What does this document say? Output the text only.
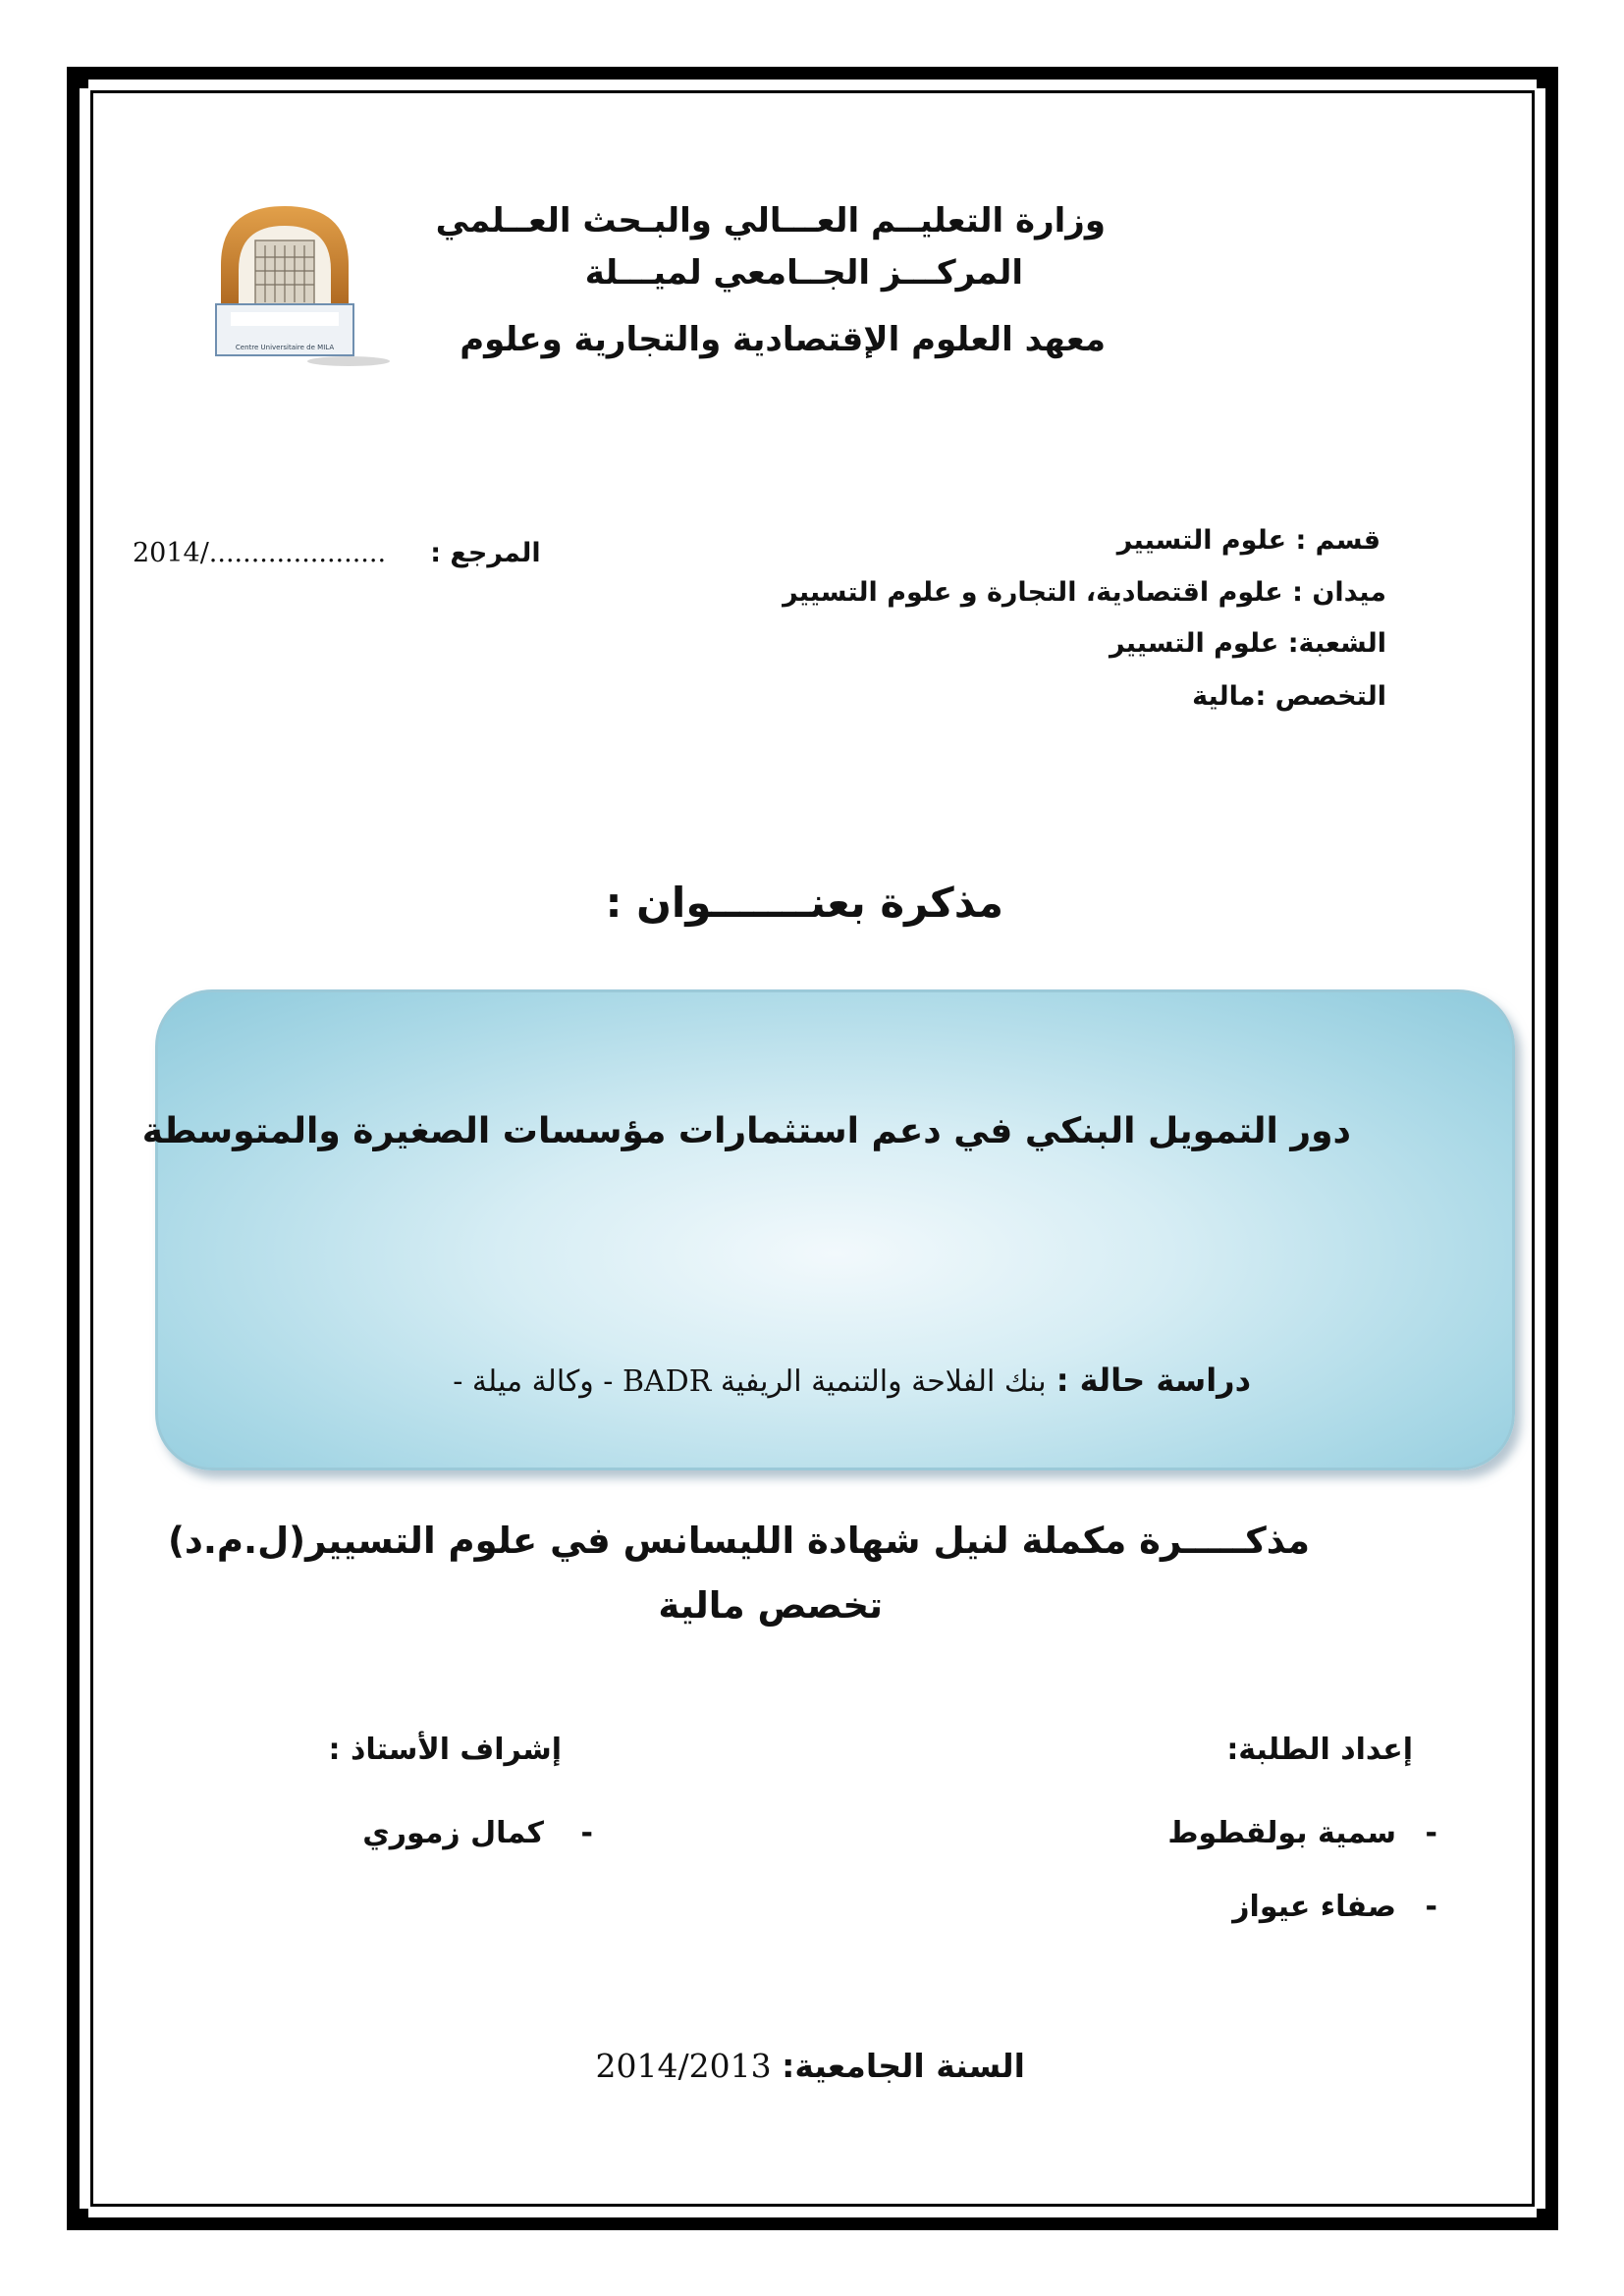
Centre Universitaire de MILA
وزارة التعليــم العـــالي والبـحث العــلمي
المركـــز الجــامعي لميـــلة
معهد العلوم الإقتصادية والتجارية وعلوم
قسم : علوم التسيير
ميدان : علوم اقتصادية، التجارة و علوم التسيير
الشعبة: علوم التسيير
التخصص :مالية
2014/..................... المرجع :
مذكرة بعنـــــــوان :
دور التمويل البنكي في دعم استثمارات مؤسسات الصغيرة والمتوسطة
دراسة حالة : بنك الفلاحة والتنمية الريفية BADR - وكالة ميلة -
مذكـــــرة مكملة لنيل شهادة الليسانس في علوم التسيير(ل.م.د)
تخصص مالية
إعداد الطلبة:
-
سمية بولقطوط
-
صفاء عيواز
إشراف الأستاذ :
-
كمال زموري
السنة الجامعية: 2014/2013
